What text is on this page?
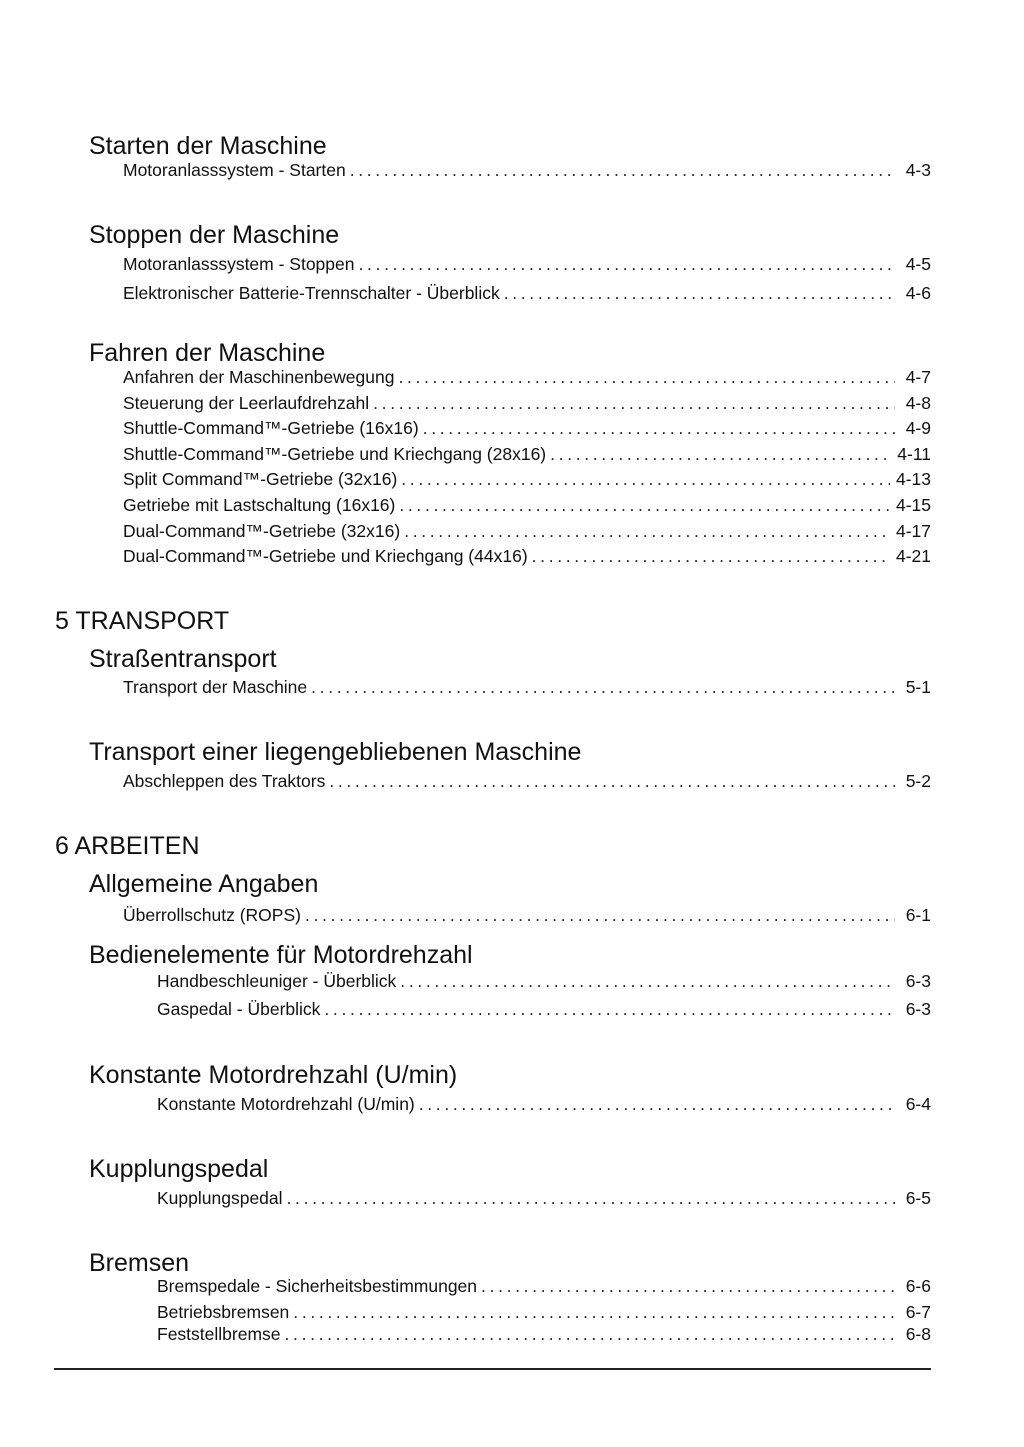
Starten der Maschine
Motoranlasssystem - Starten . . .	4-3
Stoppen der Maschine
Motoranlasssystem - Stoppen . . .	4-5
Elektronischer Batterie-Trennschalter - Überblick . . .	4-6
Fahren der Maschine
Anfahren der Maschinenbewegung . . .	4-7
Steuerung der Leerlaufdrehzahl . . .	4-8
Shuttle-Command™-Getriebe (16x16) . . .	4-9
Shuttle-Command™-Getriebe und Kriechgang (28x16) . . .	4-11
Split Command™-Getriebe (32x16) . . .	4-13
Getriebe mit Lastschaltung (16x16) . . .	4-15
Dual-Command™-Getriebe (32x16) . . .	4-17
Dual-Command™-Getriebe und Kriechgang (44x16) . . .	4-21
5 TRANSPORT
Straßentransport
Transport der Maschine . . .	5-1
Transport einer liegengebliebenen Maschine
Abschleppen des Traktors . . .	5-2
6 ARBEITEN
Allgemeine Angaben
Überrollschutz (ROPS) . . .	6-1
Bedienelemente für Motordrehzahl
Handbeschleuniger - Überblick . . .	6-3
Gaspedal - Überblick . . .	6-3
Konstante Motordrehzahl (U/min)
Konstante Motordrehzahl (U/min) . . .	6-4
Kupplungspedal
Kupplungspedal . . .	6-5
Bremsen
Bremspedale - Sicherheitsbestimmungen . . .	6-6
Betriebsbremsen . . .	6-7
Feststellbremse . . .	6-8
